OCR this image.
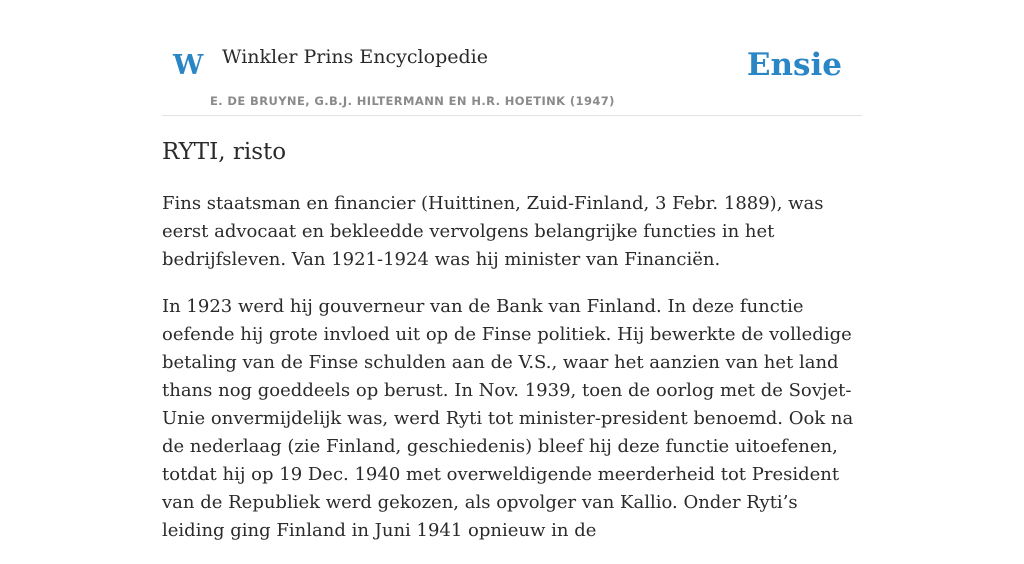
W Winkler Prins Encyclopedie
E. DE BRUYNE, G.B.J. HILTERMANN EN H.R. HOETINK (1947)
Ensie
RYTI, risto

Fins staatsman en financier (Huittinen, Zuid-Finland, 3 Febr. 1889), was eerst advocaat en bekleedde vervolgens belangrijke functies in het bedrijfsleven. Van 1921-1924 was hij minister van Financiën.

In 1923 werd hij gouverneur van de Bank van Finland. In deze functie oefende hij grote invloed uit op de Finse politiek. Hij bewerkte de volledige betaling van de Finse schulden aan de V.S., waar het aanzien van het land thans nog goeddeels op berust. In Nov. 1939, toen de oorlog met de Sovjet-Unie onvermijdelijk was, werd Ryti tot minister-president benoemd. Ook na de nederlaag (zie Finland, geschiedenis) bleef hij deze functie uitoefenen, totdat hij op 19 Dec. 1940 met overweldigende meerderheid tot President van de Republiek werd gekozen, als opvolger van Kallio. Onder Ryti’s leiding ging Finland in Juni 1941 opnieuw in de
